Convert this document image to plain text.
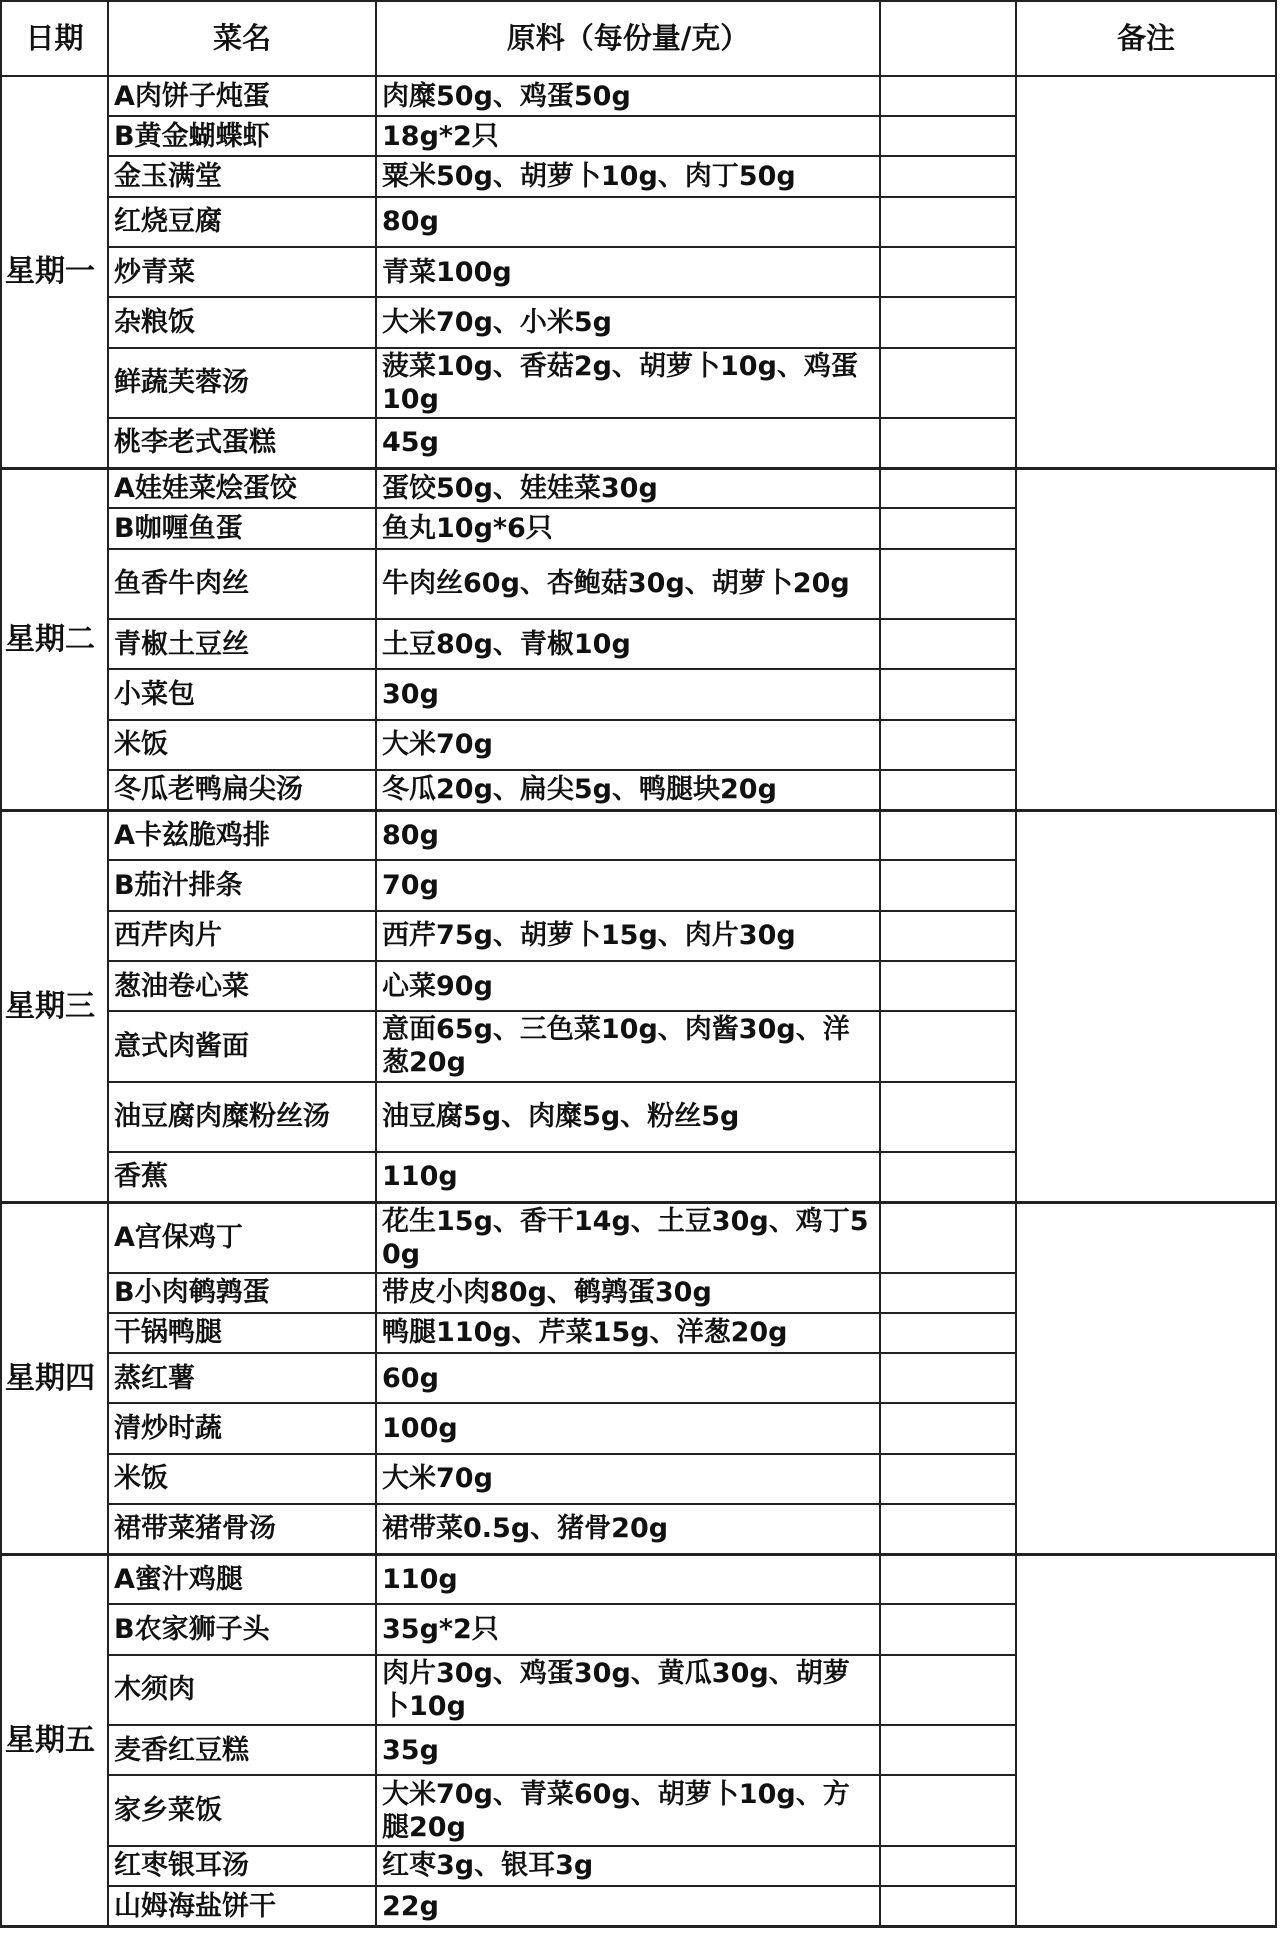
日期	菜名	原料（每份量/克）		备注
星期一	A肉饼子炖蛋	肉糜50g、鸡蛋50g		
	B黄金蝴蝶虾	18g*2只		
	金玉满堂	粟米50g、胡萝卜10g、肉丁50g		
	红烧豆腐	80g		
	炒青菜	青菜100g		
	杂粮饭	大米70g、小米5g		
	鲜蔬芙蓉汤	菠菜10g、香菇2g、胡萝卜10g、鸡蛋10g		
	桃李老式蛋糕	45g		
星期二	A娃娃菜烩蛋饺	蛋饺50g、娃娃菜30g		
	B咖喱鱼蛋	鱼丸10g*6只		
	鱼香牛肉丝	牛肉丝60g、杏鲍菇30g、胡萝卜20g		
	青椒土豆丝	土豆80g、青椒10g		
	小菜包	30g		
	米饭	大米70g		
	冬瓜老鸭扁尖汤	冬瓜20g、扁尖5g、鸭腿块20g		
星期三	A卡兹脆鸡排	80g		
	B茄汁排条	70g		
	西芹肉片	西芹75g、胡萝卜15g、肉片30g		
	葱油卷心菜	心菜90g		
	意式肉酱面	意面65g、三色菜10g、肉酱30g、洋葱20g		
	油豆腐肉糜粉丝汤	油豆腐5g、肉糜5g、粉丝5g		
	香蕉	110g		
星期四	A宫保鸡丁	花生15g、香干14g、土豆30g、鸡丁50g		
	B小肉鹌鹑蛋	带皮小肉80g、鹌鹑蛋30g		
	干锅鸭腿	鸭腿110g、芹菜15g、洋葱20g		
	蒸红薯	60g		
	清炒时蔬	100g		
	米饭	大米70g		
	裙带菜猪骨汤	裙带菜0.5g、猪骨20g		
星期五	A蜜汁鸡腿	110g		
	B农家狮子头	35g*2只		
	木须肉	肉片30g、鸡蛋30g、黄瓜30g、胡萝卜10g		
	麦香红豆糕	35g		
	家乡菜饭	大米70g、青菜60g、胡萝卜10g、方腿20g		
	红枣银耳汤	红枣3g、银耳3g		
	山姆海盐饼干	22g		
